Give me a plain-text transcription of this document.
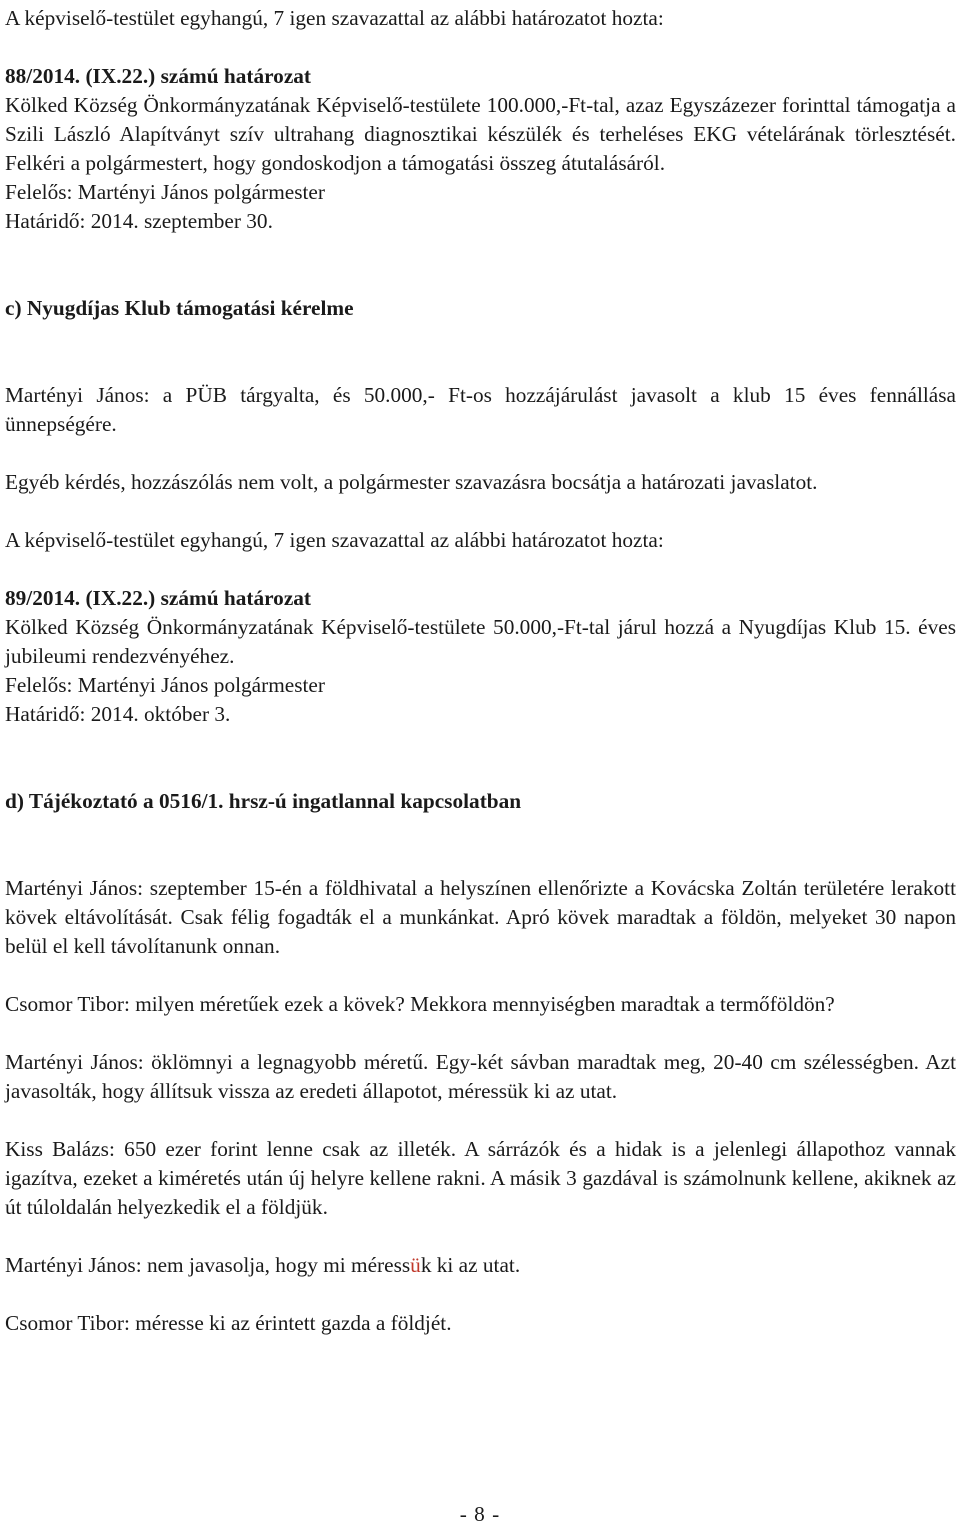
A képviselő-testület egyhangú, 7 igen szavazattal az alábbi határozatot hozta:

88/2014. (IX.22.) számú határozat

Kölked Község Önkormányzatának Képviselő-testülete 100.000,-Ft-tal, azaz Egyszázezer forinttal támogatja a Szili László Alapítványt szív ultrahang diagnosztikai készülék és terheléses EKG vételárának törlesztését. Felkéri a polgármestert, hogy gondoskodjon a támogatási összeg átutalásáról.

Felelős: Martényi János polgármester

Határidő: 2014. szeptember 30.

c) Nyugdíjas Klub támogatási kérelme

Martényi János: a PÜB tárgyalta, és 50.000,- Ft-os hozzájárulást javasolt a klub 15 éves fennállása ünnepségére.

Egyéb kérdés, hozzászólás nem volt, a polgármester szavazásra bocsátja a határozati javaslatot.

A képviselő-testület egyhangú, 7 igen szavazattal az alábbi határozatot hozta:

89/2014. (IX.22.) számú határozat

Kölked Község Önkormányzatának Képviselő-testülete 50.000,-Ft-tal járul hozzá a Nyugdíjas Klub 15. éves jubileumi rendezvényéhez.

Felelős: Martényi János polgármester

Határidő: 2014. október 3.

d) Tájékoztató a 0516/1. hrsz-ú ingatlannal kapcsolatban

Martényi János: szeptember 15-én a földhivatal a helyszínen ellenőrizte a Kovácska Zoltán területére lerakott kövek eltávolítását. Csak félig fogadták el a munkánkat. Apró kövek maradtak a földön, melyeket 30 napon belül el kell távolítanunk onnan.

Csomor Tibor: milyen méretűek ezek a kövek? Mekkora mennyiségben maradtak a termőföldön?

Martényi János: öklömnyi a legnagyobb méretű. Egy-két sávban maradtak meg, 20-40 cm szélességben. Azt javasolták, hogy állítsuk vissza az eredeti állapotot, méressük ki az utat.

Kiss Balázs: 650 ezer forint lenne csak az illeték. A sárrázók és a hidak is a jelenlegi állapothoz vannak igazítva, ezeket a kiméretés után új helyre kellene rakni. A másik 3 gazdával is számolnunk kellene, akiknek az út túloldalán helyezkedik el a földjük.

Martényi János: nem javasolja, hogy mi méressük ki az utat.

Csomor Tibor: méresse ki az érintett gazda a földjét.

- 8 -
